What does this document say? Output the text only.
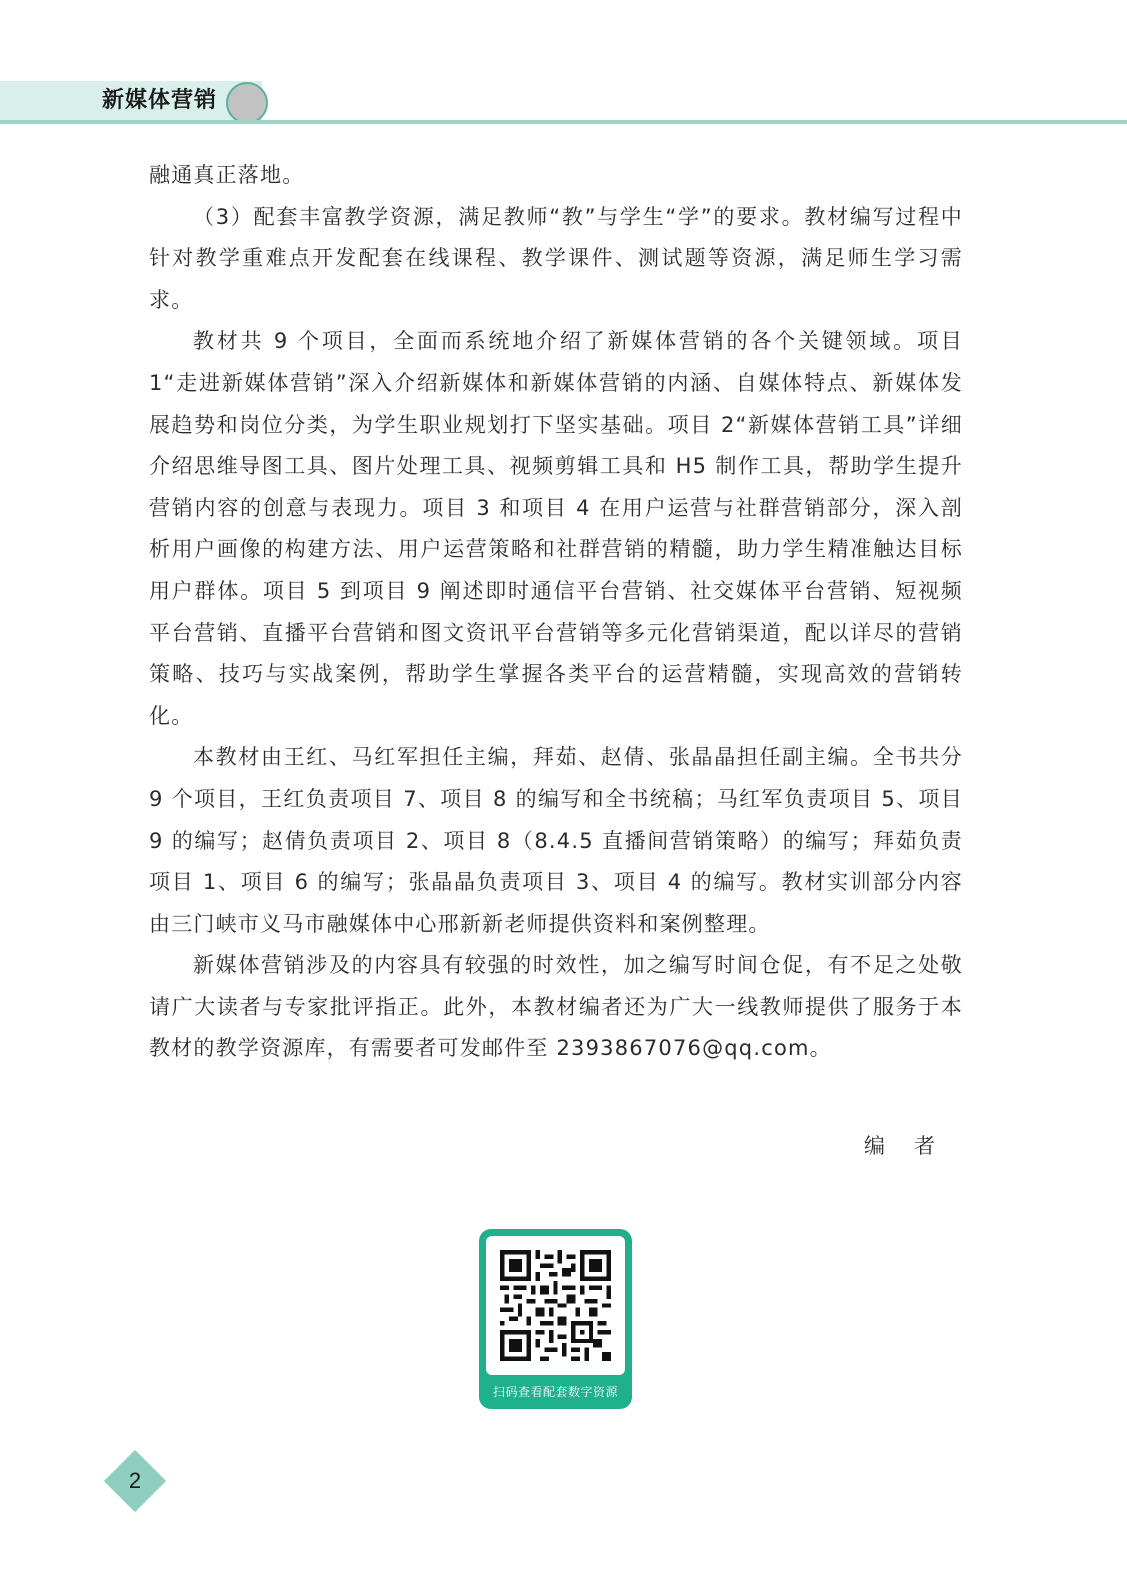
新媒体营销

融通真正落地。

（3）配套丰富教学资源，满足教师“教”与学生“学”的要求。教材编写过程中针对教学重难点开发配套在线课程、教学课件、测试题等资源，满足师生学习需求。

教材共 9 个项目，全面而系统地介绍了新媒体营销的各个关键领域。项目 1“走进新媒体营销”深入介绍新媒体和新媒体营销的内涵、自媒体特点、新媒体发展趋势和岗位分类，为学生职业规划打下坚实基础。项目 2“新媒体营销工具”详细介绍思维导图工具、图片处理工具、视频剪辑工具和 H5 制作工具，帮助学生提升营销内容的创意与表现力。项目 3 和项目 4 在用户运营与社群营销部分，深入剖析用户画像的构建方法、用户运营策略和社群营销的精髓，助力学生精准触达目标用户群体。项目 5 到项目 9 阐述即时通信平台营销、社交媒体平台营销、短视频平台营销、直播平台营销和图文资讯平台营销等多元化营销渠道，配以详尽的营销策略、技巧与实战案例，帮助学生掌握各类平台的运营精髓，实现高效的营销转化。

本教材由王红、马红军担任主编，拜茹、赵倩、张晶晶担任副主编。全书共分 9 个项目，王红负责项目 7、项目 8 的编写和全书统稿；马红军负责项目 5、项目 9 的编写；赵倩负责项目 2、项目 8（8.4.5 直播间营销策略）的编写；拜茹负责项目 1、项目 6 的编写；张晶晶负责项目 3、项目 4 的编写。教材实训部分内容由三门峡市义马市融媒体中心邢新新老师提供资料和案例整理。

新媒体营销涉及的内容具有较强的时效性，加之编写时间仓促，有不足之处敬请广大读者与专家批评指正。此外，本教材编者还为广大一线教师提供了服务于本教材的教学资源库，有需要者可发邮件至 2393867076@qq.com。

编 者
扫码查看配套数字资源
2
